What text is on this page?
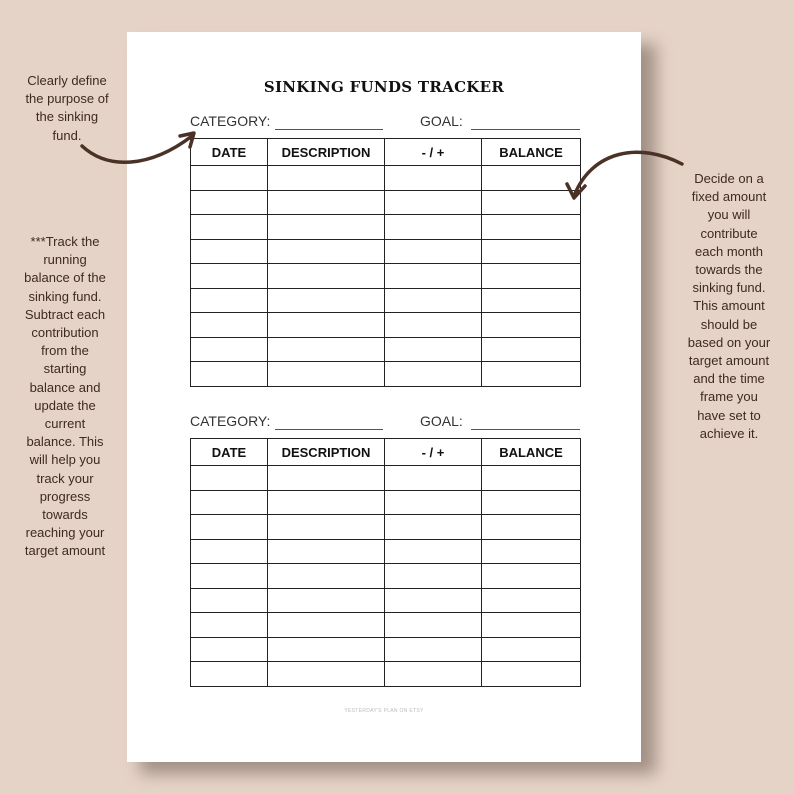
SINKING FUNDS TRACKER
CATEGORY:	GOAL:
DATE	DESCRIPTION	- / +	BALANCE

CATEGORY:	GOAL:
DATE	DESCRIPTION	- / +	BALANCE

YESTERDAY'S PLAN ON ETSY
Clearly define
the purpose of
the sinking
fund.
***Track the
running
balance of the
sinking fund.
Subtract each
contribution
from the
starting
balance and
update the
current
balance. This
will help you
track your
progress
towards
reaching your
target amount
Decide on a
fixed amount
you will
contribute
each month
towards the
sinking fund.
This amount
should be
based on your
target amount
and the time
frame you
have set to
achieve it.
